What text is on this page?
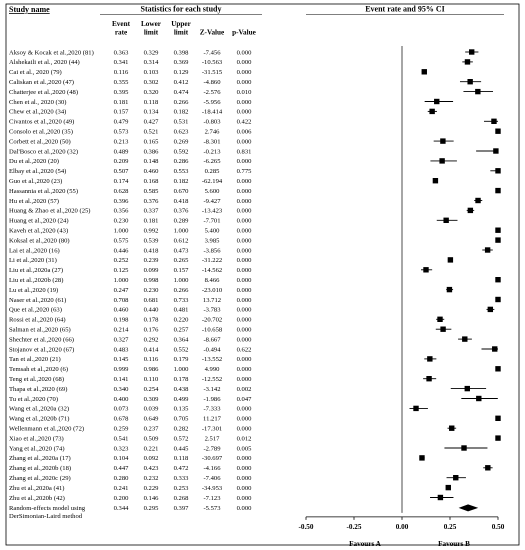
Study name	Statistics for each study	Event rate and 95% CI
Event rate
Lower limit
Upper limit	Z-Value p-Value
Aksoy & Kocak et al.,2020 (81)	0.363 0.329 0.398 -7.456 0.000
Alshekaili et al., 2020 (44)	0.341 0.314 0.369 -10.563 0.000
Cai et al., 2020 (79)	0.116 0.103 0.129 -31.515 0.000
Caliskan et al.,2020 (47)	0.355 0.302 0.412 -4.860 0.000
Chatterjee et al.,2020 (48)	0.395 0.320 0.474 -2.576 0.010
Chen et al., 2020 (30)	0.181 0.118 0.266 -5.956 0.000
Chew et al.,2020 (34)	0.157 0.134 0.182 -18.414 0.000
Civantos et al.,2020 (49)	0.479 0.427 0.531 -0.803 0.422
Consolo et al.,2020 (35)	0.573 0.521 0.623 2.746	0.006
Corbett et al.,2020 (50)	0.213 0.165 0.269 -8.301 0.000
Dal'Bosco et al.,2020 (32)	0.489 0.386 0.592 -0.213 0.831
Du et al.,2020 (20)	0.209 0.148 0.286 -6.265 0.000
Elbay et al.,2020 (54)	0.507 0.460 0.553 0.285	0.775
Guo et al.,2020 (23)	0.174 0.168 0.182 -62.194 0.000
Hassannia et al.,2020 (55)	0.628 0.585 0.670 5.600	0.000
Hu et al.,2020 (57)	0.396 0.376 0.418 -9.427 0.000
Huang & Zhao et al.,2020 (25)	0.356 0.337 0.376 -13.423 0.000
Huang et al.,2020 (24)	0.230 0.181 0.289 -7.701 0.000
Kaveh et al.,2020 (43)	1.000 0.992 1.000 5.400	0.000
Koksal et al.,2020 (80)	0.575 0.539 0.612 3.985	0.000
Lai et al.,2020 (16)	0.446 0.418 0.473 -3.856 0.000
Li et al.,2020 (31)	0.252 0.239 0.265 -31.222 0.000
Liu et al.,2020a (27)	0.125 0.099 0.157 -14.562 0.000
Liu et al.,2020b (28)	1.000 0.998 1.000 8.466	0.000
Lu et al.,2020 (19)	0.247 0.230 0.266 -23.010 0.000
Naser et al.,2020 (61)	0.708 0.681 0.733 13.712 0.000
Que et al.,2020 (63)	0.460 0.440 0.481 -3.783 0.000
Rossi et al.,2020 (64)	0.198 0.178 0.220 -20.702 0.000
Salman et al.,2020 (65)	0.214 0.176 0.257 -10.658 0.000
Shechter et al.,2020 (66)	0.327 0.292 0.364 -8.667 0.000
Stojanov et al.,2020 (67)	0.483 0.414 0.552 -0.494 0.622
Tan et al.,2020 (21)	0.145 0.116 0.179 -13.552 0.000
Temsah et al.,2020 (6)	0.999 0.986 1.000 4.990	0.000
Teng et al.,2020 (68)	0.141 0.110 0.178 -12.552 0.000
Thapa et al.,2020 (69)	0.340 0.254 0.438 -3.142 0.002
Tu et al.,2020 (70)	0.400 0.309 0.499 -1.986 0.047
Wang et al.,2020a (32)	0.073 0.039 0.135 -7.333 0.000
Wang et al.,2020b (71)	0.678 0.649 0.705 11.217 0.000
Wellenmann et al.,2020 (72)	0.259 0.237 0.282 -17.301 0.000
Xiao et al.,2020 (73)	0.541 0.509 0.572 2.517	0.012
Yang et al.,2020 (74)	0.323 0.221 0.445 -2.789 0.005
Zhang et al.,2020a (17)	0.104 0.092 0.118 -30.697 0.000
Zhang et al.,2020b (18)	0.447 0.423 0.472 -4.166 0.000
Zhang et al.,2020c (29)	0.280 0.232 0.333 -7.406 0.000
Zhu et al.,2020a (41)	0.241 0.229 0.253 -34.953 0.000
Zhu et al.,2020b (42)	0.200 0.146 0.268 -7.123 0.000
Random-effects model using
DerSimonian-Laird method
0.344 0.295 0.397 -5.573 0.000
-0.50	-0.25	0.00	0.25	0.50
Favours A	Favours B
